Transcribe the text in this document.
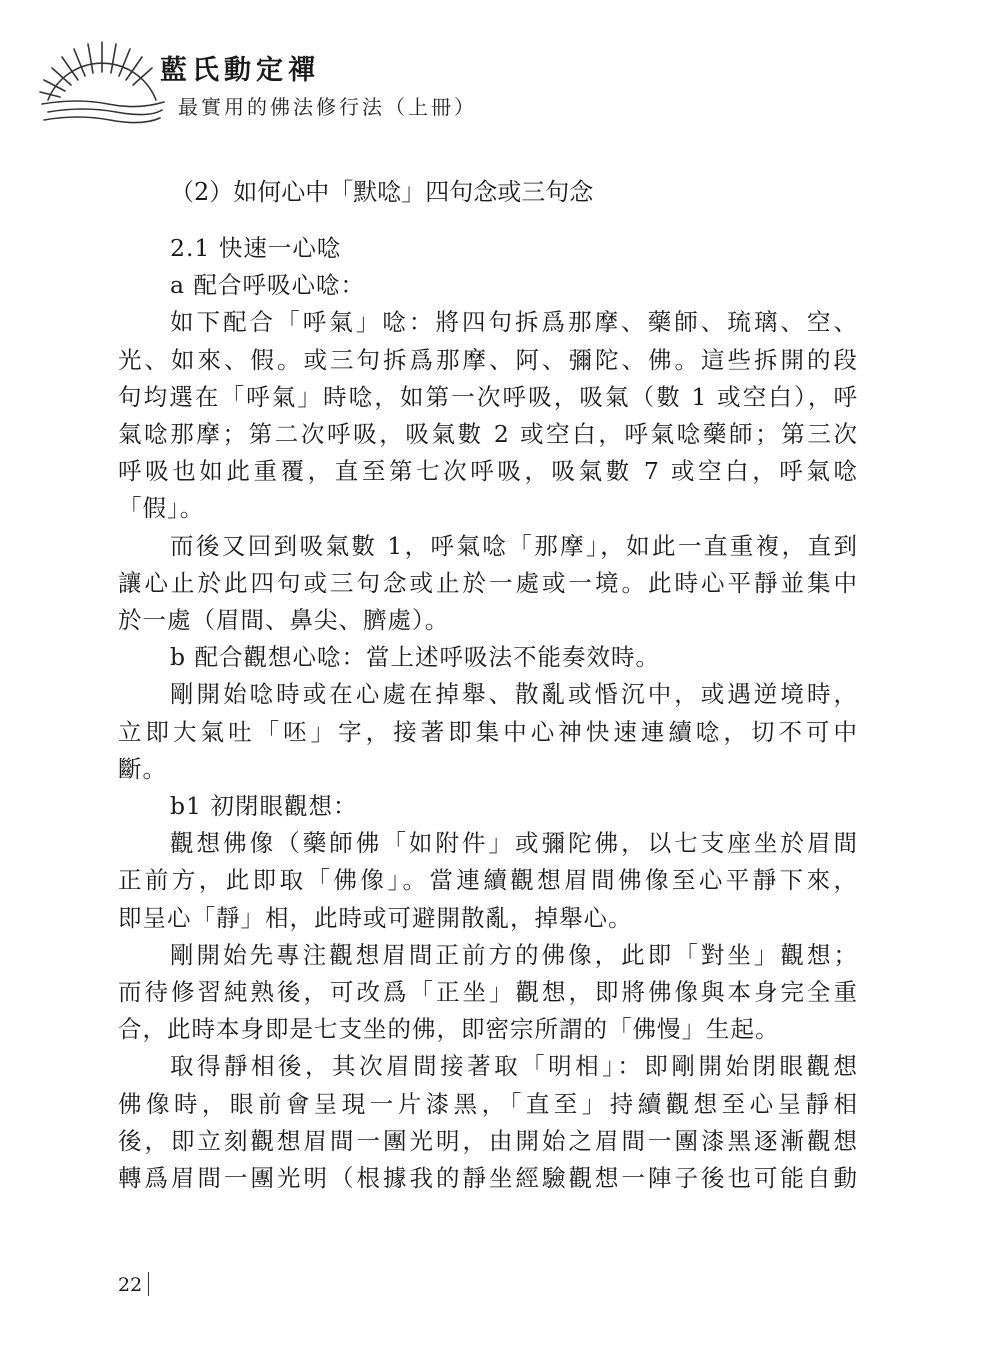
藍氏動定禪
最實用的佛法修行法（上冊）

（2）如何心中「默唸」四句念或三句念

2.1 快速一心唸

a 配合呼吸心唸：

如下配合「呼氣」唸：將四句拆爲那摩、藥師、琉璃、空、

光、如來、假。或三句拆爲那摩、阿、彌陀、佛。這些拆開的段

句均選在「呼氣」時唸，如第一次呼吸，吸氣（數 1 或空白），呼

氣唸那摩；第二次呼吸，吸氣數 2 或空白，呼氣唸藥師；第三次

呼吸也如此重覆，直至第七次呼吸，吸氣數 7 或空白，呼氣唸

「假」。

而後又回到吸氣數 1，呼氣唸「那摩」，如此一直重複，直到

讓心止於此四句或三句念或止於一處或一境。此時心平靜並集中

於一處（眉間、鼻尖、臍處）。

b 配合觀想心唸：當上述呼吸法不能奏效時。

剛開始唸時或在心處在掉舉、散亂或惛沉中，或遇逆境時，

立即大氣吐「呸」字，接著即集中心神快速連續唸，切不可中

斷。

b1 初閉眼觀想：

觀想佛像（藥師佛「如附件」或彌陀佛，以七支座坐於眉間

正前方，此即取「佛像」。當連續觀想眉間佛像至心平靜下來，

即呈心「靜」相，此時或可避開散亂，掉舉心。

剛開始先專注觀想眉間正前方的佛像，此即「對坐」觀想；

而待修習純熟後，可改爲「正坐」觀想，即將佛像與本身完全重

合，此時本身即是七支坐的佛，即密宗所謂的「佛慢」生起。

取得靜相後，其次眉間接著取「明相」：即剛開始閉眼觀想

佛像時，眼前會呈現一片漆黑，「直至」持續觀想至心呈靜相

後，即立刻觀想眉間一團光明，由開始之眉間一團漆黑逐漸觀想

轉爲眉間一團光明（根據我的靜坐經驗觀想一陣子後也可能自動

22
